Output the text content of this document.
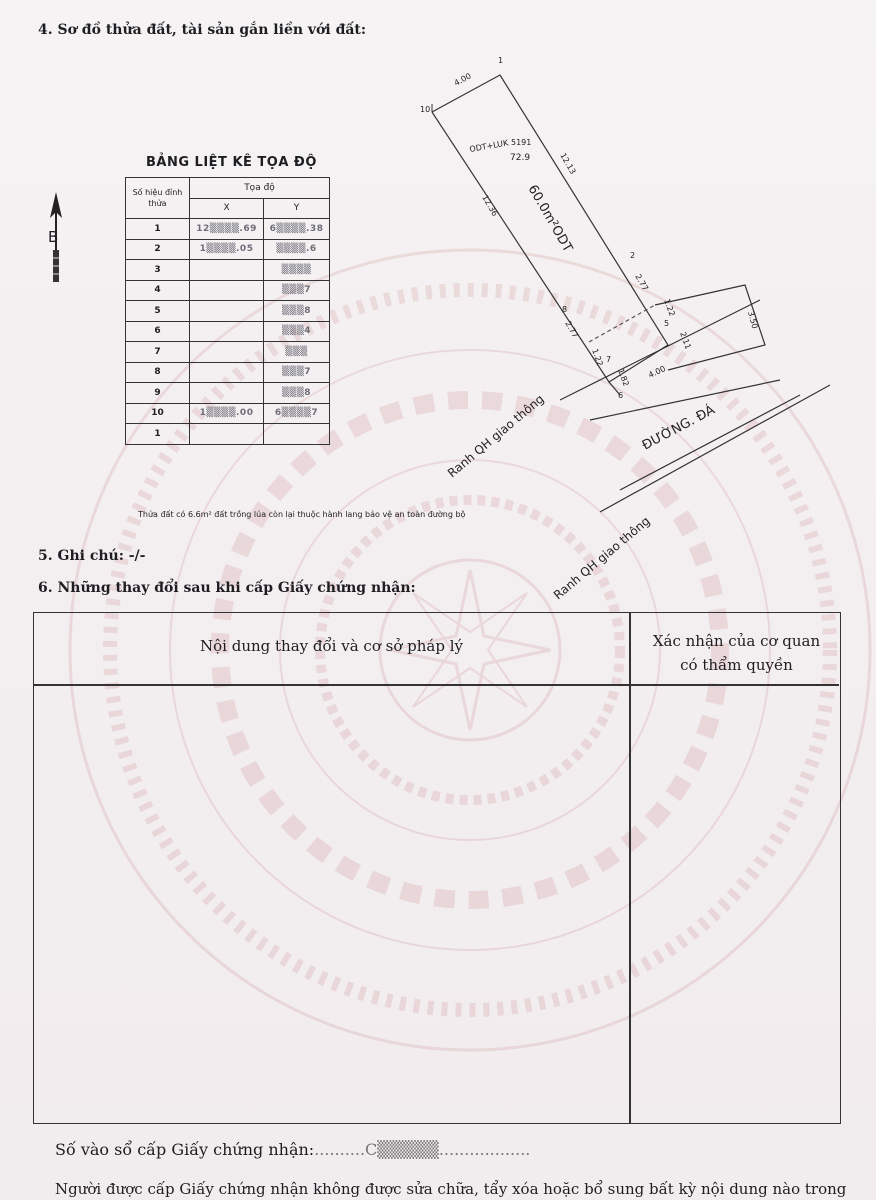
4. Sơ đồ thửa đất, tài sản gắn liền với đất:
B
BẢNG LIỆT KÊ TỌA ĐỘ
Số hiệu đỉnh thửa	Tọa độ	
	X	Y
1	12▒▒▒▒.69	6▒▒▒▒.38
2	1▒▒▒▒.05	▒▒▒▒.6
3		▒▒▒▒
4		▒▒▒7
5		▒▒▒8
6		▒▒▒4
7		▒▒▒
8		▒▒▒7
9		▒▒▒8
10	1▒▒▒▒.00	6▒▒▒▒7
1		
4.00
1
10
ODT+LUK 5191
72.9	12.13
12.36 60.0m²ODT
2
2.77
8
2.77
1.22
1.22
2.11
1.82 4.00
3.50
5
6
7
ĐƯỜNG. ĐÁ
Ranh QH giao thông
Ranh QH giao thông
Thửa đất có 6.6m² đất trồng lúa còn lại thuộc hành lang bảo vệ an toàn đường bộ
5. Ghi chú: -/-
6. Những thay đổi sau khi cấp Giấy chứng nhận:
Nội dung thay đổi và cơ sở pháp lý	Xác nhận của cơ quan
có thẩm quyền
Số vào sổ cấp Giấy chứng nhận:..........C▒▒▒▒▒..................
Người được cấp Giấy chứng nhận không được sửa chữa, tẩy xóa hoặc bổ sung bất kỳ nội dung nào trong
